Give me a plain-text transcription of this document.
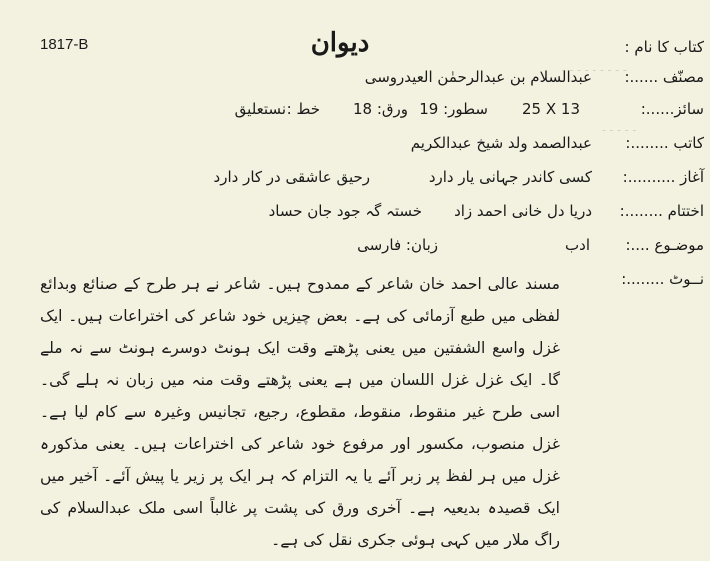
‫۔۔۔۔۔۔۔۔۔‬
‫۔۔۔۔۔‬
1817-B	دیوان	کتاب کا نام :
مصنّف ......:
عبدالسلام بن عبدالرحمٰن العیدروسی
سائز......:
25 X 13
سطور: 19
ورق: 18
خط :
نستعلیق
کاتب ........:
عبدالصمد ولد شیخ عبدالکریم
آغاز ..........:
کسی کاندر جہانی یار دارد
رحیق عاشقی در کار دارد
اختتام ........:
دریا دل خانی احمد زاد
خستہ گہ جود جان حساد
موضـوع ....:
ادب
زبان: فارسی
نــوٹ ........:
مسند عالی احمد خان شاعر کے ممدوح ہیں۔ شاعر نے ہر طرح کے صنائع وبدائع لفظی میں طبع آزمائی کی ہے۔ بعض چیزیں خود شاعر کی اختراعات ہیں۔ ایک غزل واسع الشفتین میں یعنی پڑھتے وقت ایک ہونٹ دوسرے ہونٹ سے نہ ملے گا۔ ایک غزل غزل اللسان میں ہے یعنی پڑھتے وقت منہ میں زبان نہ ہلے گی۔ اسی طرح غیر منقوط، منقوط، مقطوع، رجیع، تجانیس وغیرہ سے کام لیا ہے۔ غزل منصوب، مکسور اور مرفوع خود شاعر کی اختراعات ہیں۔ یعنی مذکورہ غزل میں ہر لفظ پر زبر آئے یا یہ التزام کہ ہر ایک پر زیر یا پیش آئے۔ آخیر میں ایک قصیدہ بدیعیہ ہے۔ آخری ورق کی پشت پر غالباً اسی ملک عبدالسلام کی راگ ملار میں کہی ہوئی جکری نقل کی ہے۔
